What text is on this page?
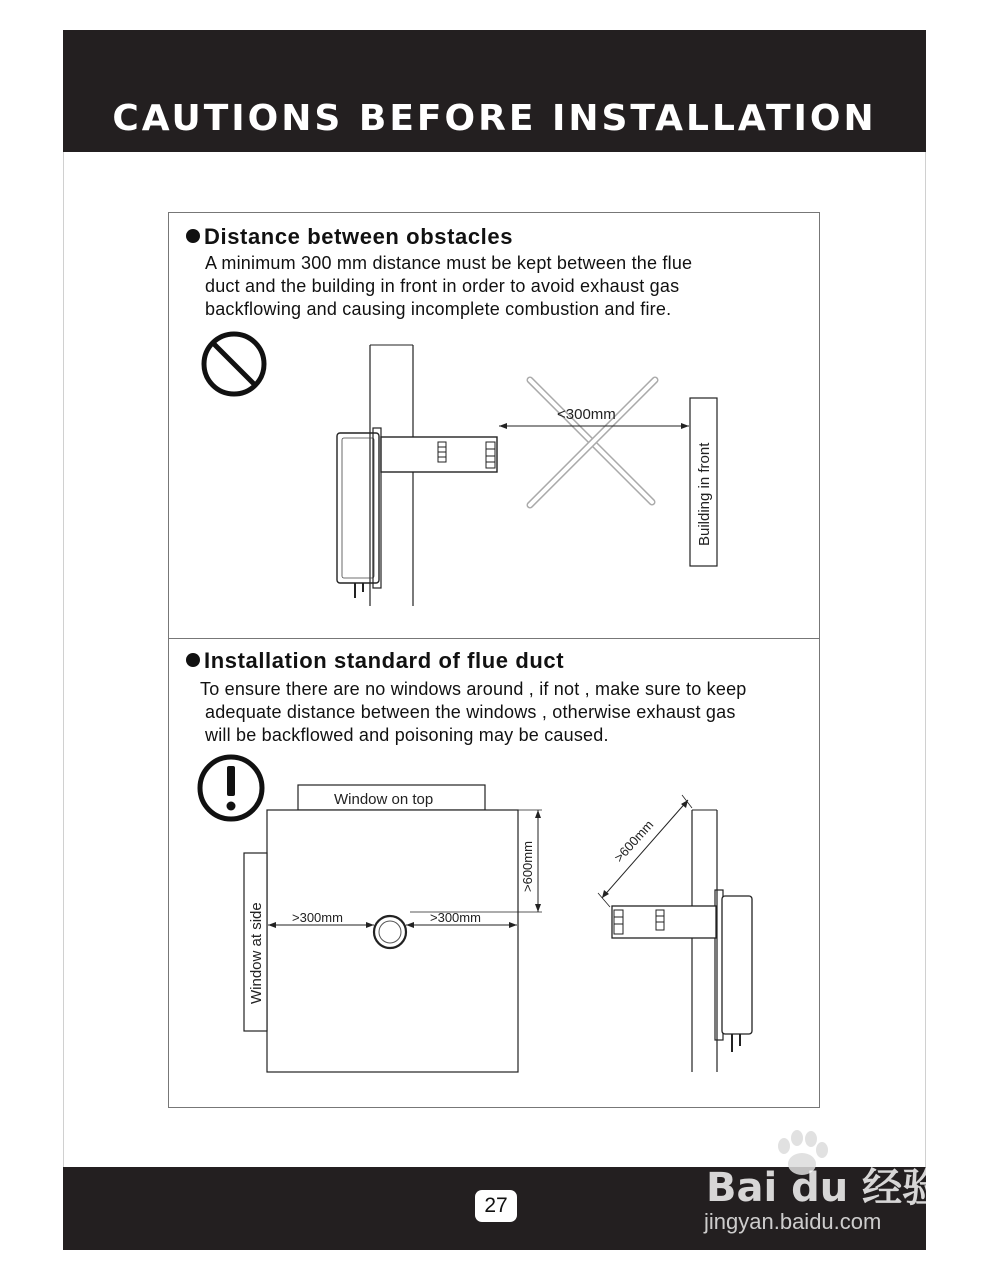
CAUTIONS BEFORE INSTALLATION
Distance between obstacles
A minimum 300 mm distance must be kept between the flue
duct and the building in front in order to avoid exhaust gas
backflowing and causing incomplete combustion and fire.
<300mm
Building in front
Installation standard of flue duct
To ensure there are no windows around , if not , make sure to keep
adequate distance between the windows , otherwise exhaust gas
will be backflowed and poisoning may be caused.
Window on top
Window at side
>600mm
>300mm	>300mm
>600mm
27	Bai du 经验
jingyan.baidu.com
